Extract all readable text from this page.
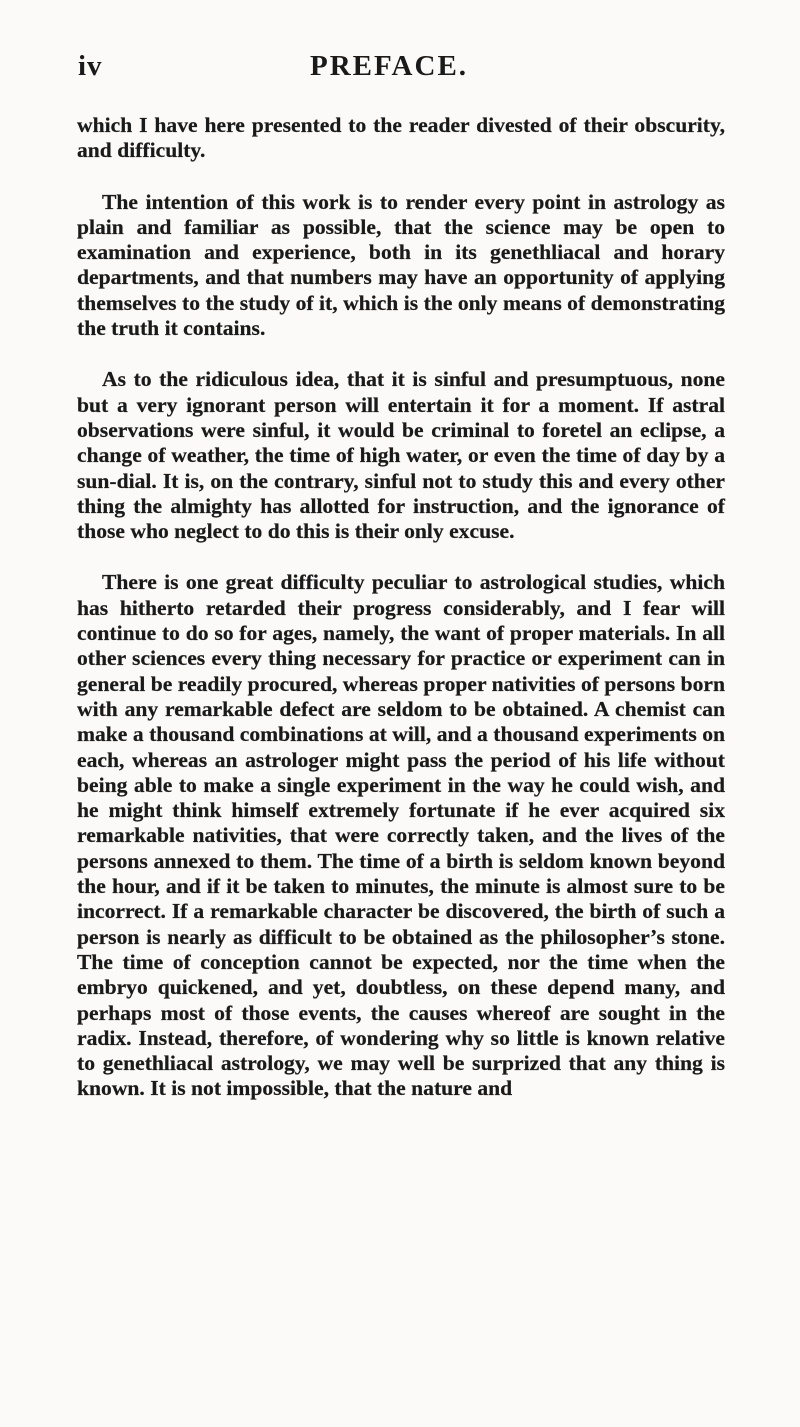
iv	PREFACE.

which I have here presented to the reader divested of their obscurity, and difficulty.

The intention of this work is to render every point in astrology as plain and familiar as possible, that the science may be open to examination and experience, both in its genethliacal and horary departments, and that numbers may have an opportunity of applying themselves to the study of it, which is the only means of demonstrating the truth it contains.

As to the ridiculous idea, that it is sinful and presumptuous, none but a very ignorant person will entertain it for a moment. If astral observations were sinful, it would be criminal to foretel an eclipse, a change of weather, the time of high water, or even the time of day by a sun-dial. It is, on the contrary, sinful not to study this and every other thing the almighty has allotted for instruction, and the ignorance of those who neglect to do this is their only excuse.

There is one great difficulty peculiar to astrological studies, which has hitherto retarded their progress considerably, and I fear will continue to do so for ages, namely, the want of proper materials. In all other sciences every thing necessary for practice or experiment can in general be readily procured, whereas proper nativities of persons born with any remarkable defect are seldom to be obtained. A chemist can make a thousand combinations at will, and a thousand experiments on each, whereas an astrologer might pass the period of his life without being able to make a single experiment in the way he could wish, and he might think himself extremely fortunate if he ever acquired six remarkable nativities, that were correctly taken, and the lives of the persons annexed to them. The time of a birth is seldom known beyond the hour, and if it be taken to minutes, the minute is almost sure to be incorrect. If a remarkable character be discovered, the birth of such a person is nearly as difficult to be obtained as the philosopher’s stone. The time of conception cannot be expected, nor the time when the embryo quickened, and yet, doubtless, on these depend many, and perhaps most of those events, the causes whereof are sought in the radix. Instead, therefore, of wondering why so little is known relative to genethliacal astrology, we may well be surprized that any thing is known. It is not impossible, that the nature and
